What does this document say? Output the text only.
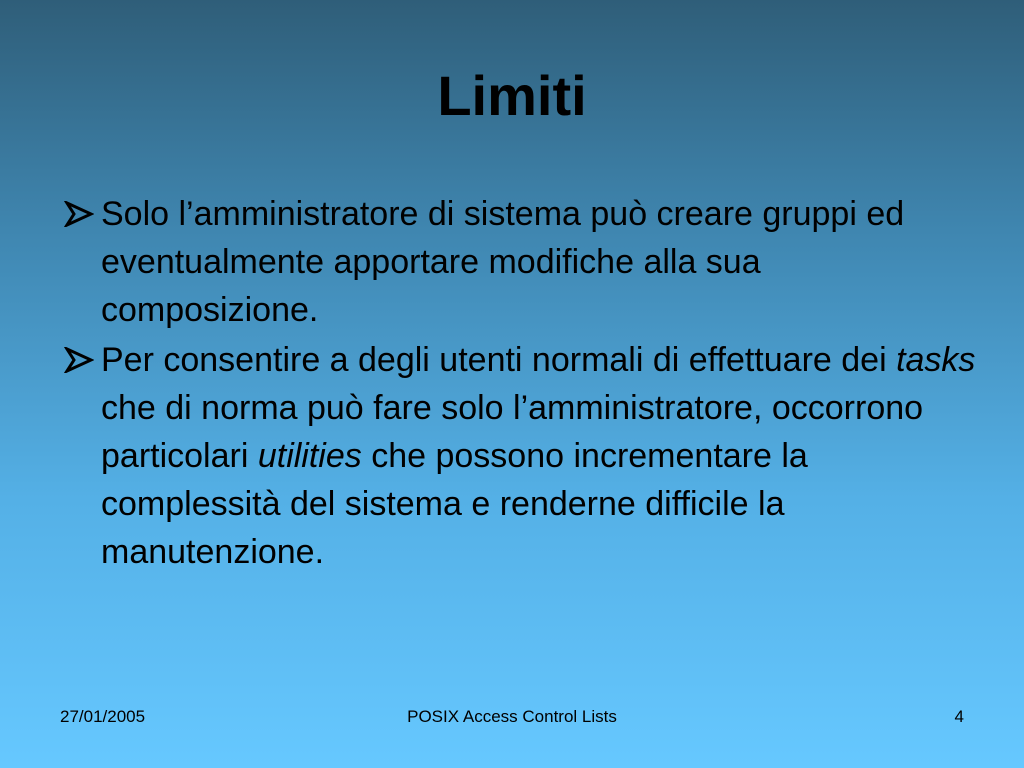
Limiti
Solo l’amministratore di sistema può creare gruppi ed eventualmente apportare modifiche alla sua composizione.
Per consentire a degli utenti normali di effettuare dei tasks che di norma può fare solo l’amministratore, occorrono particolari utilities che possono incrementare la complessità del sistema e renderne difficile la manutenzione.
27/01/2005	POSIX Access Control Lists	4
